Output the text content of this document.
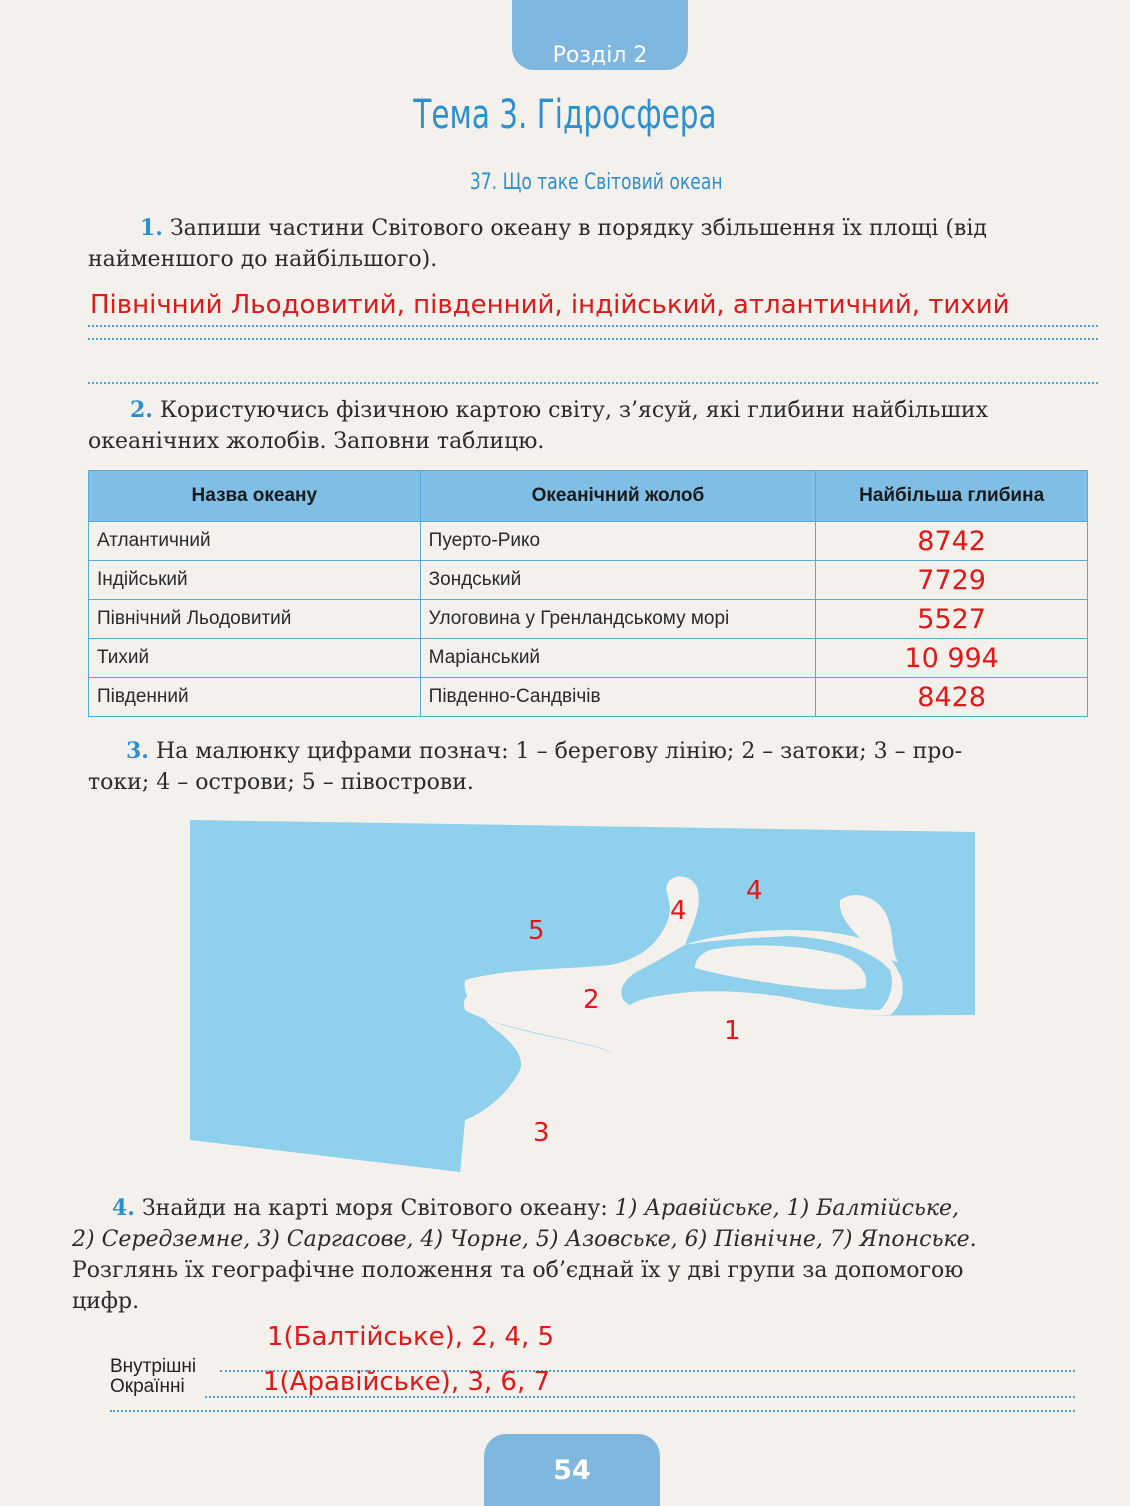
Розділ 2
Тема 3. Гідросфера
37. Що таке Світовий океан
1. Запиши частини Світового океану в порядку збільшення їх площі (від
найменшого до найбільшого).
Північний Льодовитий, південний, індійський, атлантичний, тихий
2. Користуючись фізичною картою світу, з’ясуй, які глибини найбільших
океанічних жолобів. Заповни таблицю.
Назва океану	Океанічний жолоб	Найбільша глибина
Атлантичний	Пуерто-Рико	8742
Індійський	Зондський	7729
Північний Льодовитий	Улоговина у Гренландському морі	5527
Тихий	Маріанський	10 994
Південний	Південно-Сандвічів	8428
3. На малюнку цифрами познач: 1 – берегову лінію; 2 – затоки; 3 – про-
токи; 4 – острови; 5 – півострови.
5
4
4
2
1
3
4. Знайди на карті моря Світового океану: 1) Аравійське, 1) Балтійське,
2) Середземне, 3) Саргасове, 4) Чорне, 5) Азовське, 6) Північне, 7) Японське.
Розглянь їх географічне положення та об’єднай їх у дві групи за допомогою
цифр.
Внутрішні
1(Балтійське), 2, 4, 5
Окраїнні	1(Аравійське), 3, 6, 7
54
